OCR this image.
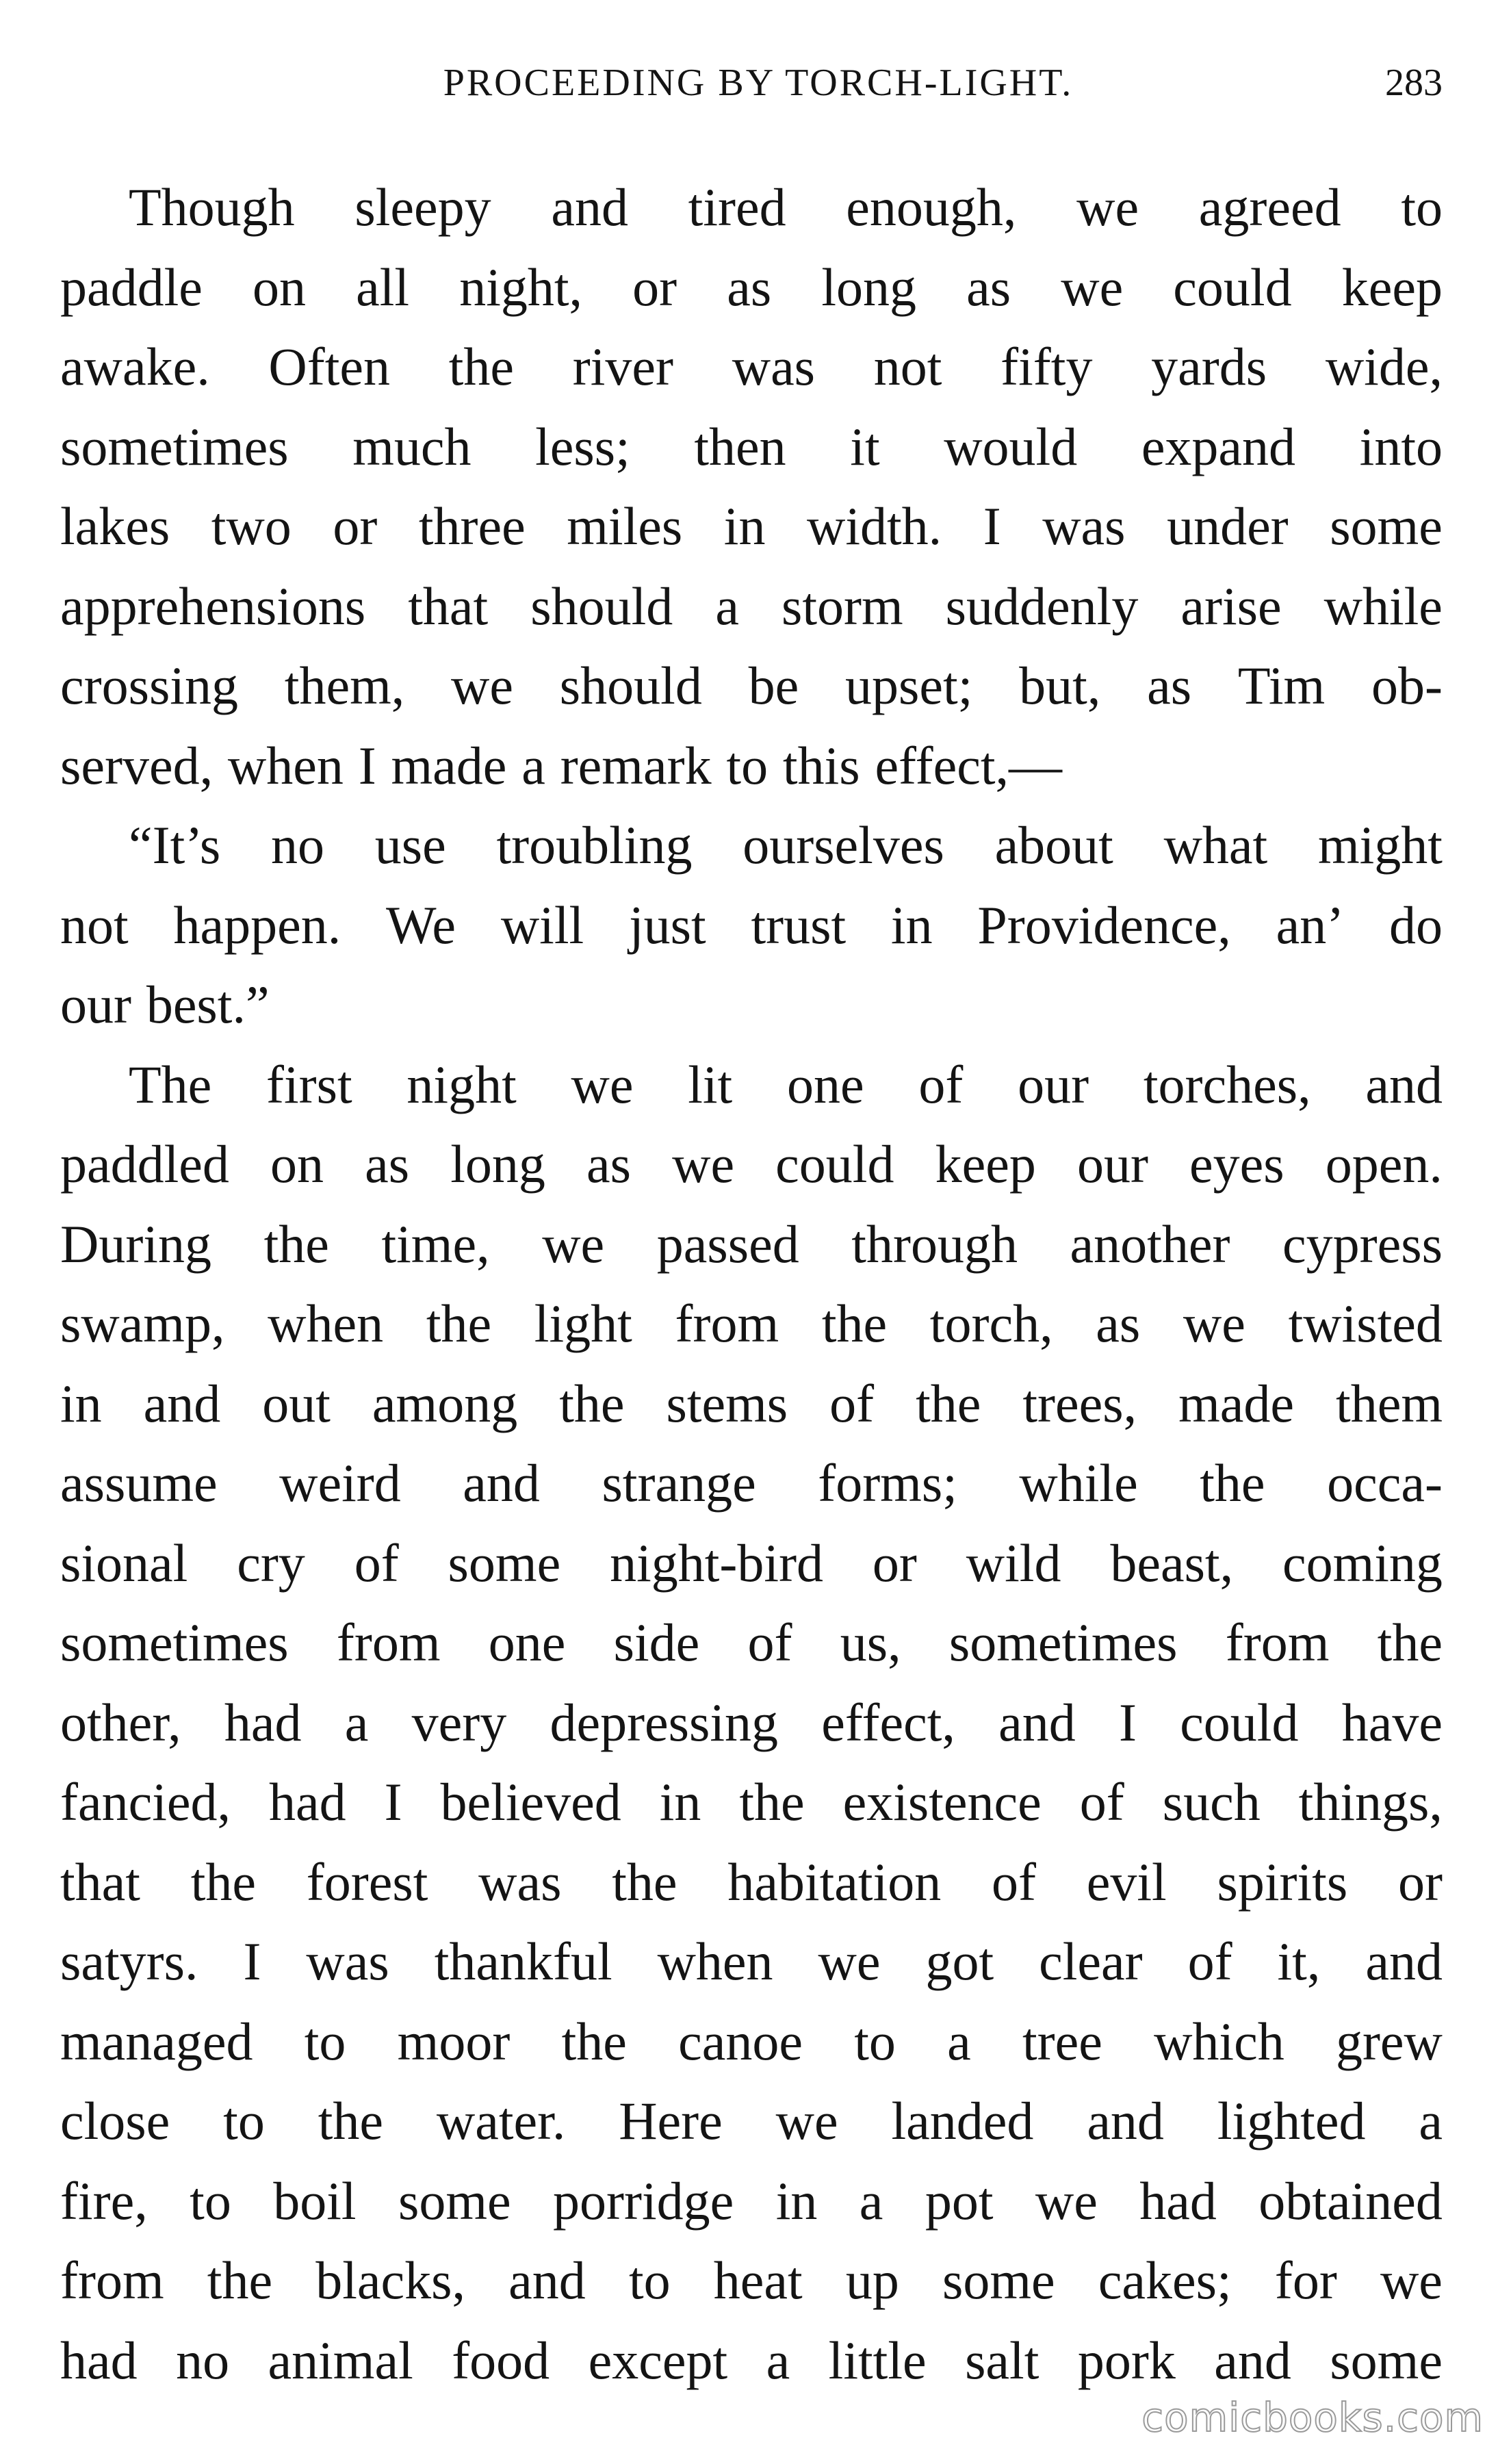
PROCEEDING BY TORCH-LIGHT.	283
Though sleepy and tired enough, we agreed to
paddle on all night, or as long as we could keep
awake. Often the river was not fifty yards wide,
sometimes much less; then it would expand into
lakes two or three miles in width. I was under some
apprehensions that should a storm suddenly arise while
crossing them, we should be upset; but, as Tim ob-
served, when I made a remark to this effect,—
“It’s no use troubling ourselves about what might
not happen. We will just trust in Providence, an’ do
our best.”
The first night we lit one of our torches, and
paddled on as long as we could keep our eyes open.
During the time, we passed through another cypress
swamp, when the light from the torch, as we twisted
in and out among the stems of the trees, made them
assume weird and strange forms; while the occa-
sional cry of some night-bird or wild beast, coming
sometimes from one side of us, sometimes from the
other, had a very depressing effect, and I could have
fancied, had I believed in the existence of such things,
that the forest was the habitation of evil spirits or
satyrs. I was thankful when we got clear of it, and
managed to moor the canoe to a tree which grew
close to the water. Here we landed and lighted a
fire, to boil some porridge in a pot we had obtained
from the blacks, and to heat up some cakes; for we
had no animal food except a little salt pork and some
comicbooks.com
